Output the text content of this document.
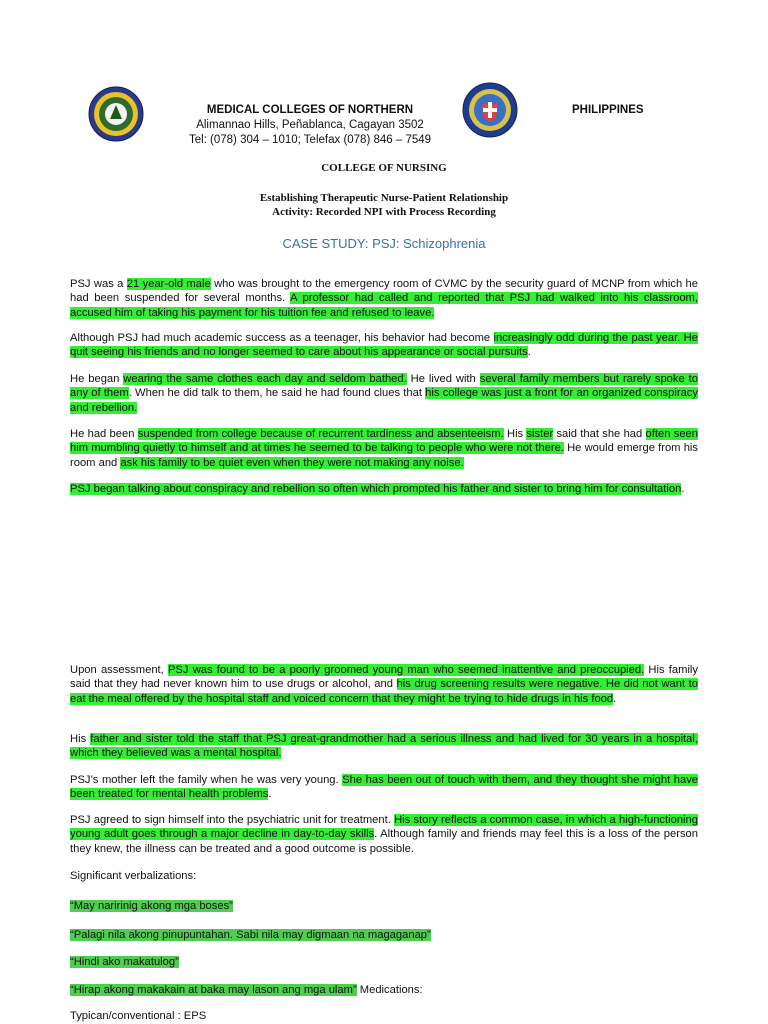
MEDICAL COLLEGES OF NORTHERN
Alimannao Hills, Peñablanca, Cagayan 3502
Tel: (078) 304 – 1010; Telefax (078) 846 – 7549
PHILIPPINES
COLLEGE OF NURSING
Establishing Therapeutic Nurse-Patient Relationship
Activity: Recorded NPI with Process Recording
CASE STUDY: PSJ: Schizophrenia
PSJ was a 21 year-old male who was brought to the emergency room of CVMC by the security guard of MCNP from which he had been suspended for several months. A professor had called and reported that PSJ had walked into his classroom, accused him of taking his payment for his tuition fee and refused to leave.
Although PSJ had much academic success as a teenager, his behavior had become increasingly odd during the past year. He quit seeing his friends and no longer seemed to care about his appearance or social pursuits.
He began wearing the same clothes each day and seldom bathed. He lived with several family members but rarely spoke to any of them. When he did talk to them, he said he had found clues that his college was just a front for an organized conspiracy and rebellion.
He had been suspended from college because of recurrent tardiness and absenteeism. His sister said that she had often seen him mumbling quietly to himself and at times he seemed to be talking to people who were not there. He would emerge from his room and ask his family to be quiet even when they were not making any noise.
PSJ began talking about conspiracy and rebellion so often which prompted his father and sister to bring him for consultation.
Upon assessment, PSJ was found to be a poorly groomed young man who seemed inattentive and preoccupied. His family said that they had never known him to use drugs or alcohol, and his drug screening results were negative. He did not want to eat the meal offered by the hospital staff and voiced concern that they might be trying to hide drugs in his food.
His father and sister told the staff that PSJ great-grandmother had a serious illness and had lived for 30 years in a hospital, which they believed was a mental hospital.
PSJ’s mother left the family when he was very young. She has been out of touch with them, and they thought she might have been treated for mental health problems.
PSJ agreed to sign himself into the psychiatric unit for treatment. His story reflects a common case, in which a high-functioning young adult goes through a major decline in day-to-day skills. Although family and friends may feel this is a loss of the person they knew, the illness can be treated and a good outcome is possible.
Significant verbalizations:
“May naririnig akong mga boses”
“Palagi nila akong pinupuntahan. Sabi nila may digmaan na magaganap”
“Hindi ako makatulog”
“Hirap akong makakain at baka may lason ang mga ulam” Medications:
Typican/conventional : EPS
